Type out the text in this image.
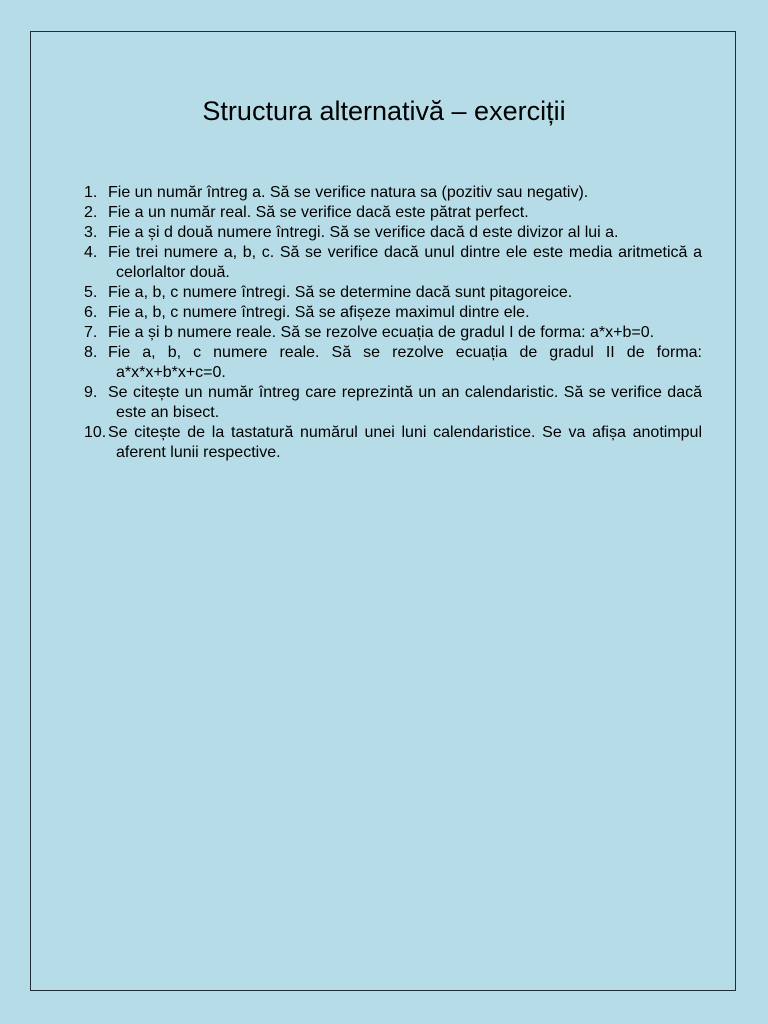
Structura alternativă – exerciții
1. Fie un număr întreg a. Să se verifice natura sa (pozitiv sau negativ).
2. Fie a un număr real. Să se verifice dacă este pătrat perfect.
3. Fie a și d două numere întregi. Să se verifice dacă d este divizor al lui a.
4. Fie trei numere a, b, c. Să se verifice dacă unul dintre ele este media aritmetică a celorlaltor două.
5. Fie a, b, c numere întregi. Să se determine dacă sunt pitagoreice.
6. Fie a, b, c numere întregi. Să se afișeze maximul dintre ele.
7. Fie a și b numere reale. Să se rezolve ecuația de gradul I de forma: a*x+b=0.
8. Fie a, b, c numere reale. Să se rezolve ecuația de gradul II de forma: a*x*x+b*x+c=0.
9. Se citește un număr întreg care reprezintă un an calendaristic. Să se verifice dacă este an bisect.
10. Se citește de la tastatură numărul unei luni calendaristice. Se va afișa anotimpul aferent lunii respective.
